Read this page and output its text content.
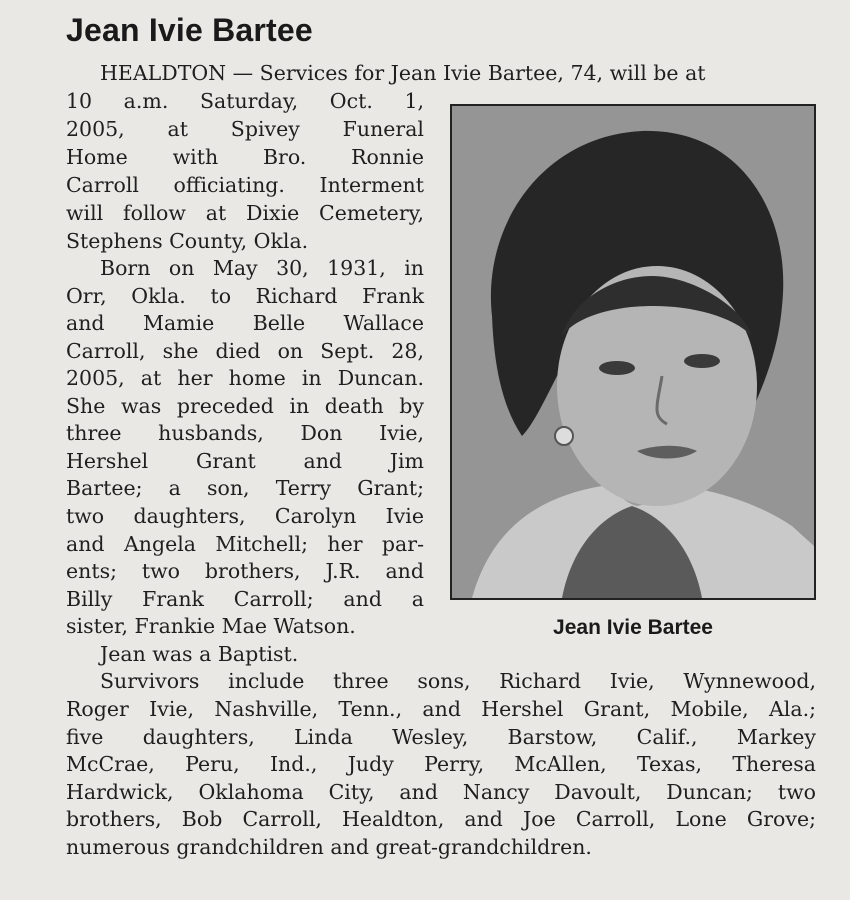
Jean Ivie Bartee
HEALDTON — Services for Jean Ivie Bartee, 74, will be at
10 a.m. Saturday, Oct. 1,
2005, at Spivey Funeral
Home with Bro. Ronnie
Carroll officiating. Interment
will follow at Dixie Cemetery,
Stephens County, Okla.
Born on May 30, 1931, in
Orr, Okla. to Richard Frank
and Mamie Belle Wallace
Carroll, she died on Sept. 28,
2005, at her home in Duncan.
She was preceded in death by
three husbands, Don Ivie,
Hershel Grant and Jim
Bartee; a son, Terry Grant;
two daughters, Carolyn Ivie
and Angela Mitchell; her par-
ents; two brothers, J.R. and
Billy Frank Carroll; and a
sister, Frankie Mae Watson.
Jean was a Baptist.
Survivors include three sons, Richard Ivie, Wynnewood,
Roger Ivie, Nashville, Tenn., and Hershel Grant, Mobile, Ala.;
five daughters, Linda Wesley, Barstow, Calif., Markey
McCrae, Peru, Ind., Judy Perry, McAllen, Texas, Theresa
Hardwick, Oklahoma City, and Nancy Davoult, Duncan; two
brothers, Bob Carroll, Healdton, and Joe Carroll, Lone Grove;
numerous grandchildren and great-grandchildren.
Jean Ivie Bartee
